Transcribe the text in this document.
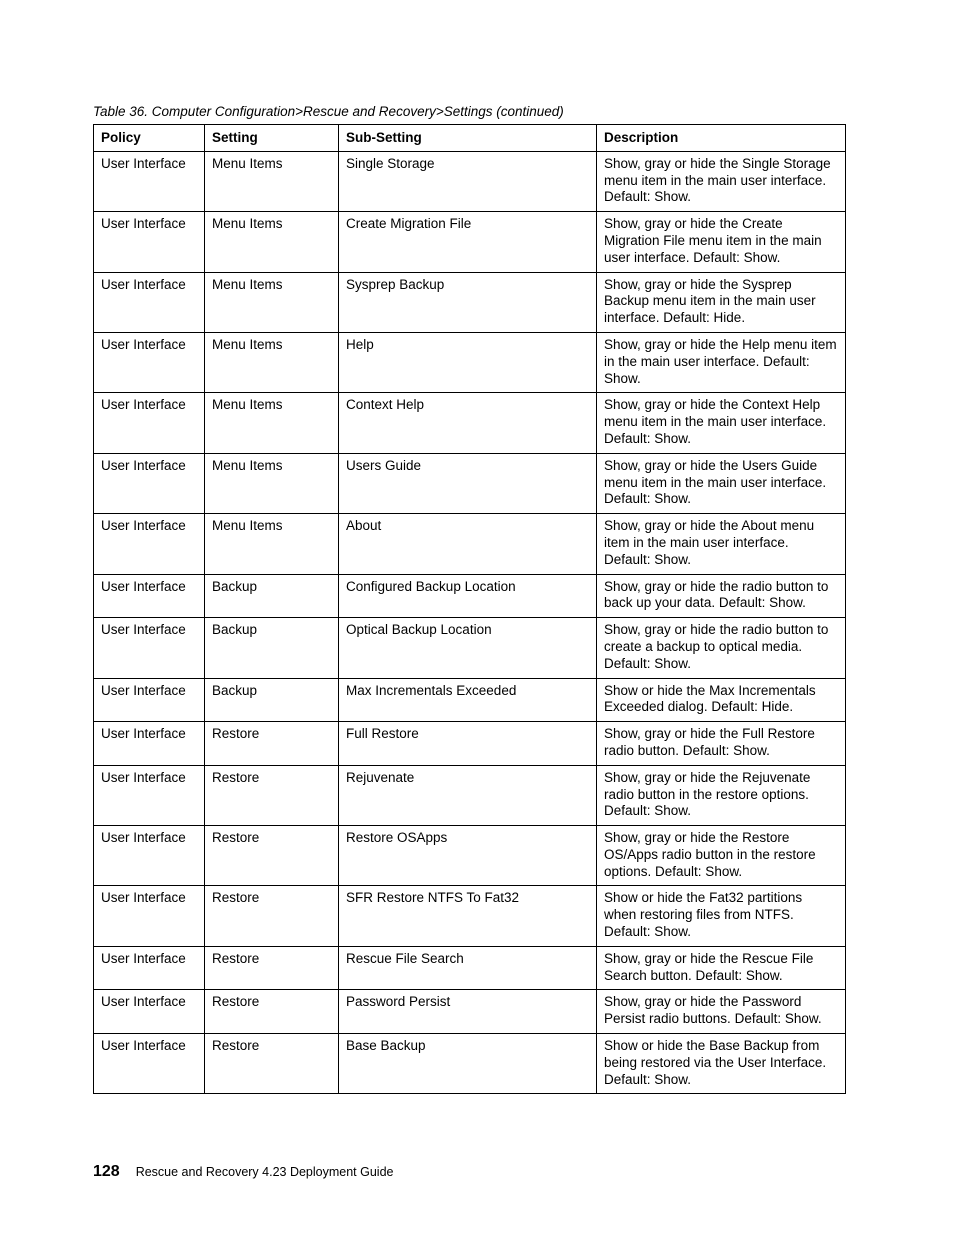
Table 36. Computer Configuration>Rescue and Recovery>Settings (continued)
Policy	Setting	Sub-Setting	Description
User Interface	Menu Items	Single Storage	Show, gray or hide the Single Storage menu item in the main user interface. Default: Show.
User Interface	Menu Items	Create Migration File	Show, gray or hide the Create Migration File menu item in the main user interface. Default: Show.
User Interface	Menu Items	Sysprep Backup	Show, gray or hide the Sysprep Backup menu item in the main user interface. Default: Hide.
User Interface	Menu Items	Help	Show, gray or hide the Help menu item in the main user interface. Default: Show.
User Interface	Menu Items	Context Help	Show, gray or hide the Context Help menu item in the main user interface. Default: Show.
User Interface	Menu Items	Users Guide	Show, gray or hide the Users Guide menu item in the main user interface. Default: Show.
User Interface	Menu Items	About	Show, gray or hide the About menu item in the main user interface. Default: Show.
User Interface	Backup	Configured Backup Location	Show, gray or hide the radio button to back up your data. Default: Show.
User Interface	Backup	Optical Backup Location	Show, gray or hide the radio button to create a backup to optical media. Default: Show.
User Interface	Backup	Max Incrementals Exceeded	Show or hide the Max Incrementals Exceeded dialog. Default: Hide.
User Interface	Restore	Full Restore	Show, gray or hide the Full Restore radio button. Default: Show.
User Interface	Restore	Rejuvenate	Show, gray or hide the Rejuvenate radio button in the restore options. Default: Show.
User Interface	Restore	Restore OSApps	Show, gray or hide the Restore OS/Apps radio button in the restore options. Default: Show.
User Interface	Restore	SFR Restore NTFS To Fat32	Show or hide the Fat32 partitions when restoring files from NTFS. Default: Show.
User Interface	Restore	Rescue File Search	Show, gray or hide the Rescue File Search button. Default: Show.
User Interface	Restore	Password Persist	Show, gray or hide the Password Persist radio buttons. Default: Show.
User Interface	Restore	Base Backup	Show or hide the Base Backup from being restored via the User Interface. Default: Show.
128 Rescue and Recovery 4.23 Deployment Guide
